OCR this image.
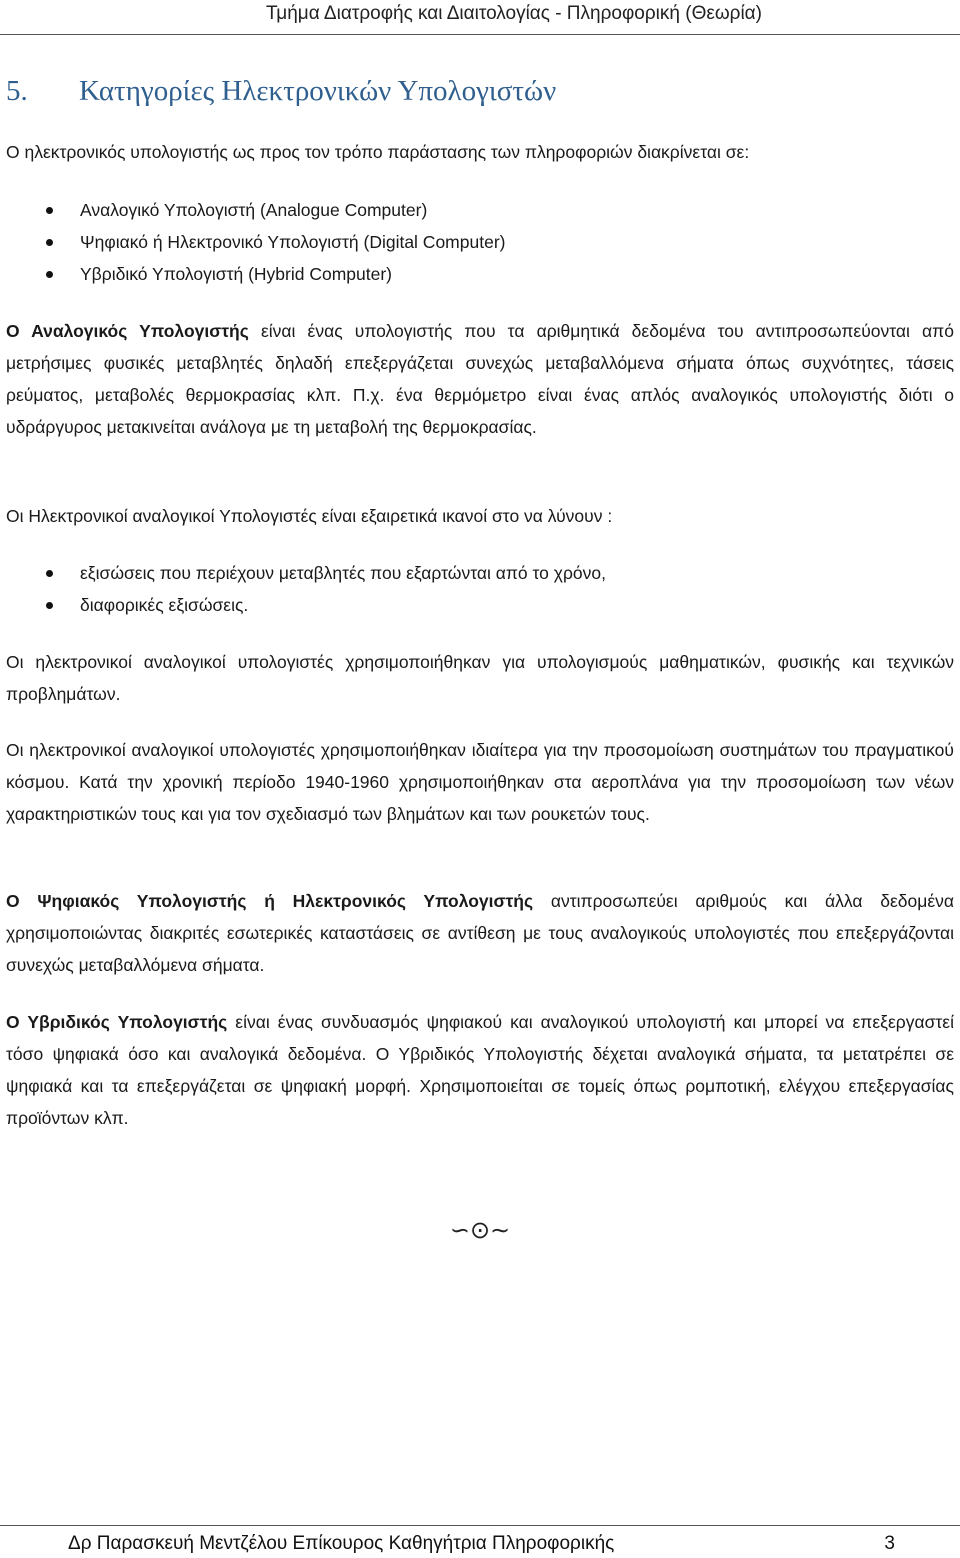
Τμήμα Διατροφής και Διαιτολογίας - Πληροφορική (Θεωρία)
5. Κατηγορίες Ηλεκτρονικών Υπολογιστών
Ο ηλεκτρονικός υπολογιστής ως προς τον τρόπο παράστασης των πληροφοριών διακρίνεται σε:
Αναλογικό Υπολογιστή (Analogue Computer)
Ψηφιακό ή Ηλεκτρονικό Υπολογιστή (Digital Computer)
Υβριδικό Υπολογιστή (Hybrid Computer)
Ο Αναλογικός Υπολογιστής είναι ένας υπολογιστής που τα αριθμητικά δεδομένα του αντιπροσωπεύονται από μετρήσιμες φυσικές μεταβλητές δηλαδή επεξεργάζεται συνεχώς μεταβαλλόμενα σήματα όπως συχνότητες, τάσεις ρεύματος, μεταβολές θερμοκρασίας κλπ. Π.χ. ένα θερμόμετρο είναι ένας απλός αναλογικός υπολογιστής διότι ο υδράργυρος μετακινείται ανάλογα με τη μεταβολή της θερμοκρασίας.
Οι Ηλεκτρονικοί αναλογικοί Υπολογιστές είναι εξαιρετικά ικανοί στο να λύνουν :
εξισώσεις που περιέχουν μεταβλητές που εξαρτώνται από το χρόνο,
διαφορικές εξισώσεις.
Οι ηλεκτρονικοί αναλογικοί υπολογιστές χρησιμοποιήθηκαν για υπολογισμούς μαθηματικών, φυσικής και τεχνικών προβλημάτων.
Οι ηλεκτρονικοί αναλογικοί υπολογιστές χρησιμοποιήθηκαν ιδιαίτερα για την προσομοίωση συστημάτων του πραγματικού κόσμου. Κατά την χρονική περίοδο 1940-1960 χρησιμοποιήθηκαν στα αεροπλάνα για την προσομοίωση των νέων χαρακτηριστικών τους και για τον σχεδιασμό των βλημάτων και των ρουκετών τους.
Ο Ψηφιακός Υπολογιστής ή Ηλεκτρονικός Υπολογιστής αντιπροσωπεύει αριθμούς και άλλα δεδομένα χρησιμοποιώντας διακριτές εσωτερικές καταστάσεις σε αντίθεση με τους αναλογικούς υπολογιστές που επεξεργάζονται συνεχώς μεταβαλλόμενα σήματα.
Ο Υβριδικός Υπολογιστής είναι ένας συνδυασμός ψηφιακού και αναλογικού υπολογιστή και μπορεί να επεξεργαστεί τόσο ψηφιακά όσο και αναλογικά δεδομένα. Ο Υβριδικός Υπολογιστής δέχεται αναλογικά σήματα, τα μετατρέπει σε ψηφιακά και τα επεξεργάζεται σε ψηφιακή μορφή. Χρησιμοποιείται σε τομείς όπως ρομποτική, ελέγχου επεξεργασίας προϊόντων κλπ.
∽⊙∼
Δρ Παρασκευή Μεντζέλου Επίκουρος Καθηγήτρια Πληροφορικής	3
